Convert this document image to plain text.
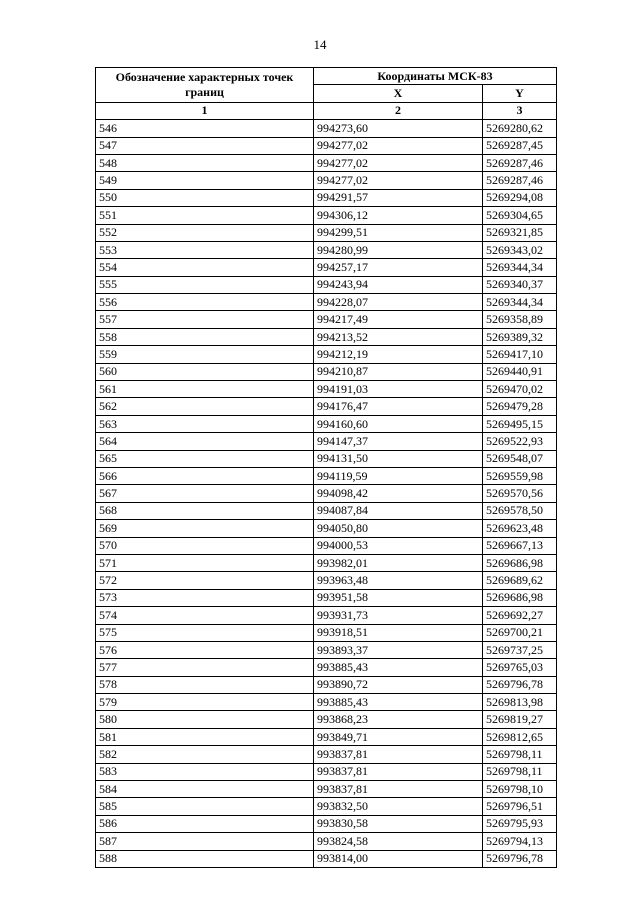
14
Обозначение характерных точек границ	Координаты МСК-83	
	X	Y
1	2	3
546	994273,60	5269280,62
547	994277,02	5269287,45
548	994277,02	5269287,46
549	994277,02	5269287,46
550	994291,57	5269294,08
551	994306,12	5269304,65
552	994299,51	5269321,85
553	994280,99	5269343,02
554	994257,17	5269344,34
555	994243,94	5269340,37
556	994228,07	5269344,34
557	994217,49	5269358,89
558	994213,52	5269389,32
559	994212,19	5269417,10
560	994210,87	5269440,91
561	994191,03	5269470,02
562	994176,47	5269479,28
563	994160,60	5269495,15
564	994147,37	5269522,93
565	994131,50	5269548,07
566	994119,59	5269559,98
567	994098,42	5269570,56
568	994087,84	5269578,50
569	994050,80	5269623,48
570	994000,53	5269667,13
571	993982,01	5269686,98
572	993963,48	5269689,62
573	993951,58	5269686,98
574	993931,73	5269692,27
575	993918,51	5269700,21
576	993893,37	5269737,25
577	993885,43	5269765,03
578	993890,72	5269796,78
579	993885,43	5269813,98
580	993868,23	5269819,27
581	993849,71	5269812,65
582	993837,81	5269798,11
583	993837,81	5269798,11
584	993837,81	5269798,10
585	993832,50	5269796,51
586	993830,58	5269795,93
587	993824,58	5269794,13
588	993814,00	5269796,78
